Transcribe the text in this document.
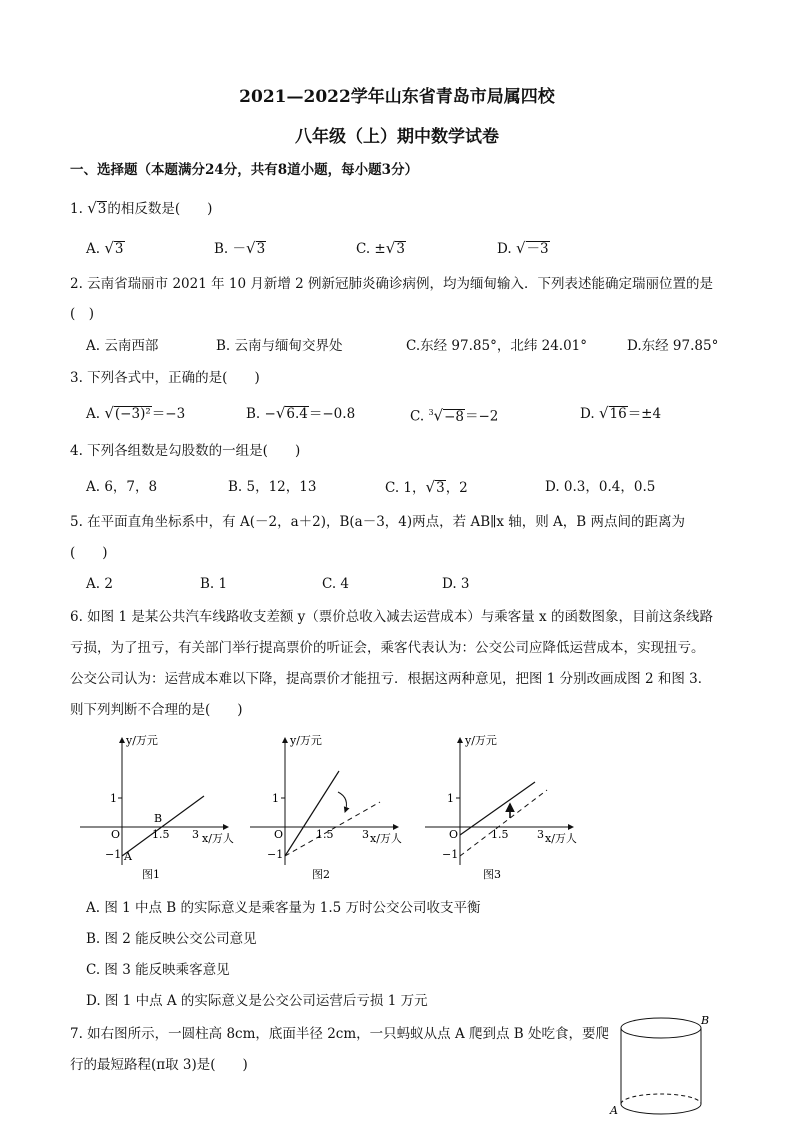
2021—2022学年山东省青岛市局属四校
八年级（上）期中数学试卷
一、选择题（本题满分24分，共有8道小题，每小题3分）
1. √3的相反数是(　　)
A. √3	B. －√3	C. ±√3	D. √－3
2. 云南省瑞丽市 2021 年 10 月新增 2 例新冠肺炎确诊病例，均为缅甸输入．下列表述能确定瑞丽位置的是
(　)
A. 云南西部	B. 云南与缅甸交界处	C.东经 97.85°，北纬 24.01°	D.东经 97.85°
3. 下列各式中，正确的是(　　)
A. √(−3)²＝−3	B. −√6.4＝−0.8	C. $^3$√−8＝−2	D. √16＝±4
4. 下列各组数是勾股数的一组是(　　)
A. 6，7，8	B. 5，12，13	C. 1，√3，2	D. 0.3，0.4，0.5
5. 在平面直角坐标系中，有 A(－2，a＋2)，B(a－3，4)两点，若 AB∥x 轴，则 A，B 两点间的距离为
(　　)
A. 2	B. 1	C. 4	D. 3
6. 如图 1 是某公共汽车线路收支差额 y（票价总收入减去运营成本）与乘客量 x 的函数图象，目前这条线路
亏损，为了扭亏，有关部门举行提高票价的听证会，乘客代表认为：公交公司应降低运营成本，实现扭亏。
公交公司认为：运营成本难以下降，提高票价才能扭亏．根据这两种意见，把图 1 分别改画成图 2 和图 3．
则下列判断不合理的是(　　)
y/万元
x/万人
1
−1
O	1.5 3
A
B
图1
y/万元
x/万人
1
−1
O	1.5	3
图2
y/万元
x/万人
1
−1
O	1.5	3
图3
A. 图 1 中点 B 的实际意义是乘客量为 1.5 万时公交公司收支平衡
B. 图 2 能反映公交公司意见
C. 图 3 能反映乘客意见
D. 图 1 中点 A 的实际意义是公交公司运营后亏损 1 万元
7. 如右图所示，一圆柱高 8cm，底面半径 2cm，一只蚂蚁从点 A 爬到点 B 处吃食，要爬
行的最短路程(π取 3)是(　　)
A
B
